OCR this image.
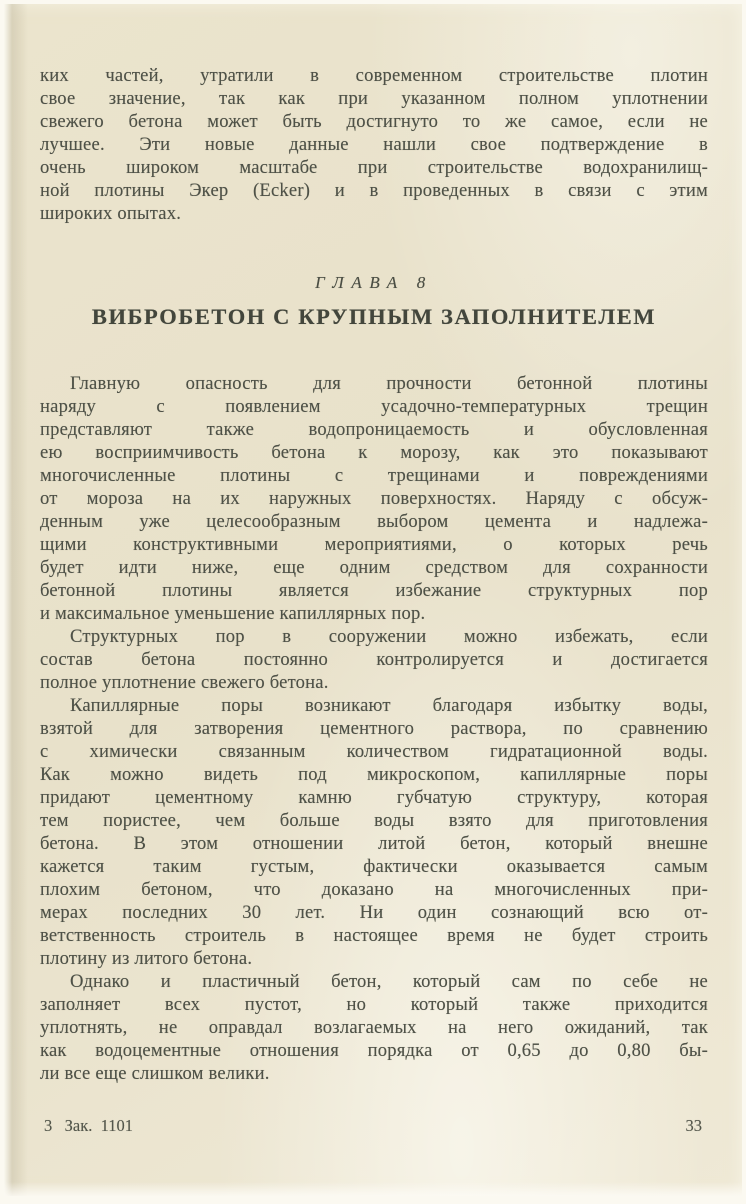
ких частей, утратили в современном строительстве плотин
свое значение, так как при указанном полном уплотнении
свежего бетона может быть достигнуто то же самое, если не
лучшее. Эти новые данные нашли свое подтверждение в
очень широком масштабе при строительстве водохранилищ-
ной плотины Экер (Ecker) и в проведенных в связи с этим
широких опытах.
ГЛАВА 8
ВИБРОБЕТОН С КРУПНЫМ ЗАПОЛНИТЕЛЕМ
Главную опасность для прочности бетонной плотины
наряду с появлением усадочно-температурных трещин
представляют также водопроницаемость и обусловленная
ею восприимчивость бетона к морозу, как это показывают
многочисленные плотины с трещинами и повреждениями
от мороза на их наружных поверхностях. Наряду с обсуж-
денным уже целесообразным выбором цемента и надлежа-
щими конструктивными мероприятиями, о которых речь
будет идти ниже, еще одним средством для сохранности
бетонной плотины является избежание структурных пор
и максимальное уменьшение капиллярных пор.
Структурных пор в сооружении можно избежать, если
состав бетона постоянно контролируется и достигается
полное уплотнение свежего бетона.
Капиллярные поры возникают благодаря избытку воды,
взятой для затворения цементного раствора, по сравнению
с химически связанным количеством гидратационной воды.
Как можно видеть под микроскопом, капиллярные поры
придают цементному камню губчатую структуру, которая
тем пористее, чем больше воды взято для приготовления
бетона. В этом отношении литой бетон, который внешне
кажется таким густым, фактически оказывается самым
плохим бетоном, что доказано на многочисленных при-
мерах последних 30 лет. Ни один сознающий всю от-
ветственность строитель в настоящее время не будет строить
плотину из литого бетона.
Однако и пластичный бетон, который сам по себе не
заполняет всех пустот, но который также приходится
уплотнять, не оправдал возлагаемых на него ожиданий, так
как водоцементные отношения порядка от 0,65 до 0,80 бы-
ли все еще слишком велики.
3   Зак.  1101	33
